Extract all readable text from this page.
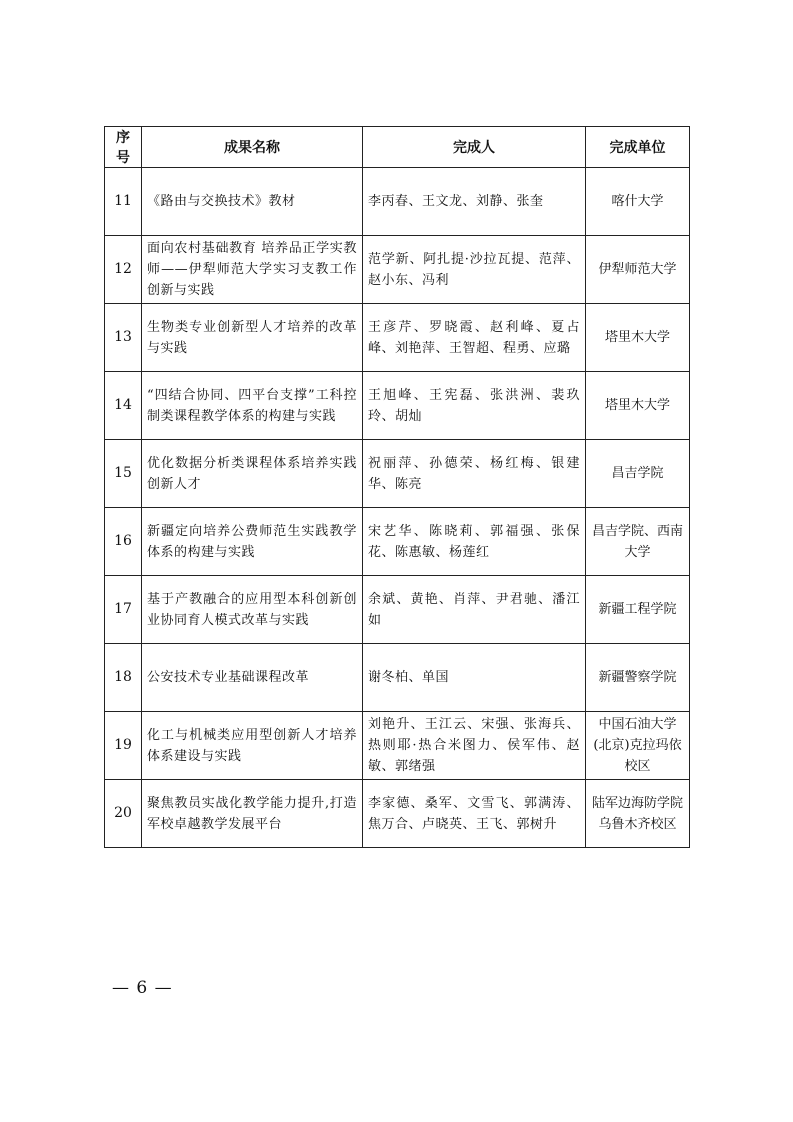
序号	成果名称	完成人	完成单位
11	《路由与交换技术》教材	李丙春、王文龙、刘静、张奎	喀什大学
12	面向农村基础教育 培养品正学实教师——伊犁师范大学实习支教工作创新与实践	范学新、阿扎提·沙拉瓦提、范萍、赵小东、冯利	伊犁师范大学
13	生物类专业创新型人才培养的改革与实践	王彦芹、罗晓霞、赵利峰、夏占峰、刘艳萍、王智超、程勇、应璐	塔里木大学
14	“四结合协同、四平台支撑”工科控制类课程教学体系的构建与实践	王旭峰、王宪磊、张洪洲、裴玖玲、胡灿	塔里木大学
15	优化数据分析类课程体系培养实践创新人才	祝丽萍、孙德荣、杨红梅、银建华、陈亮	昌吉学院
16	新疆定向培养公费师范生实践教学体系的构建与实践	宋艺华、陈晓莉、郭福强、张保花、陈惠敏、杨莲红	昌吉学院、西南大学
17	基于产教融合的应用型本科创新创业协同育人模式改革与实践	余斌、黄艳、肖萍、尹君驰、潘江如	新疆工程学院
18	公安技术专业基础课程改革	谢冬柏、单国	新疆警察学院
19	化工与机械类应用型创新人才培养体系建设与实践	刘艳升、王江云、宋强、张海兵、热则耶·热合米图力、侯军伟、赵敏、郭绪强	中国石油大学(北京)克拉玛依校区
20	聚焦教员实战化教学能力提升,打造军校卓越教学发展平台	李家德、桑军、文雪飞、郭满涛、焦万合、卢晓英、王飞、郭树升	陆军边海防学院乌鲁木齐校区
— 6 —
